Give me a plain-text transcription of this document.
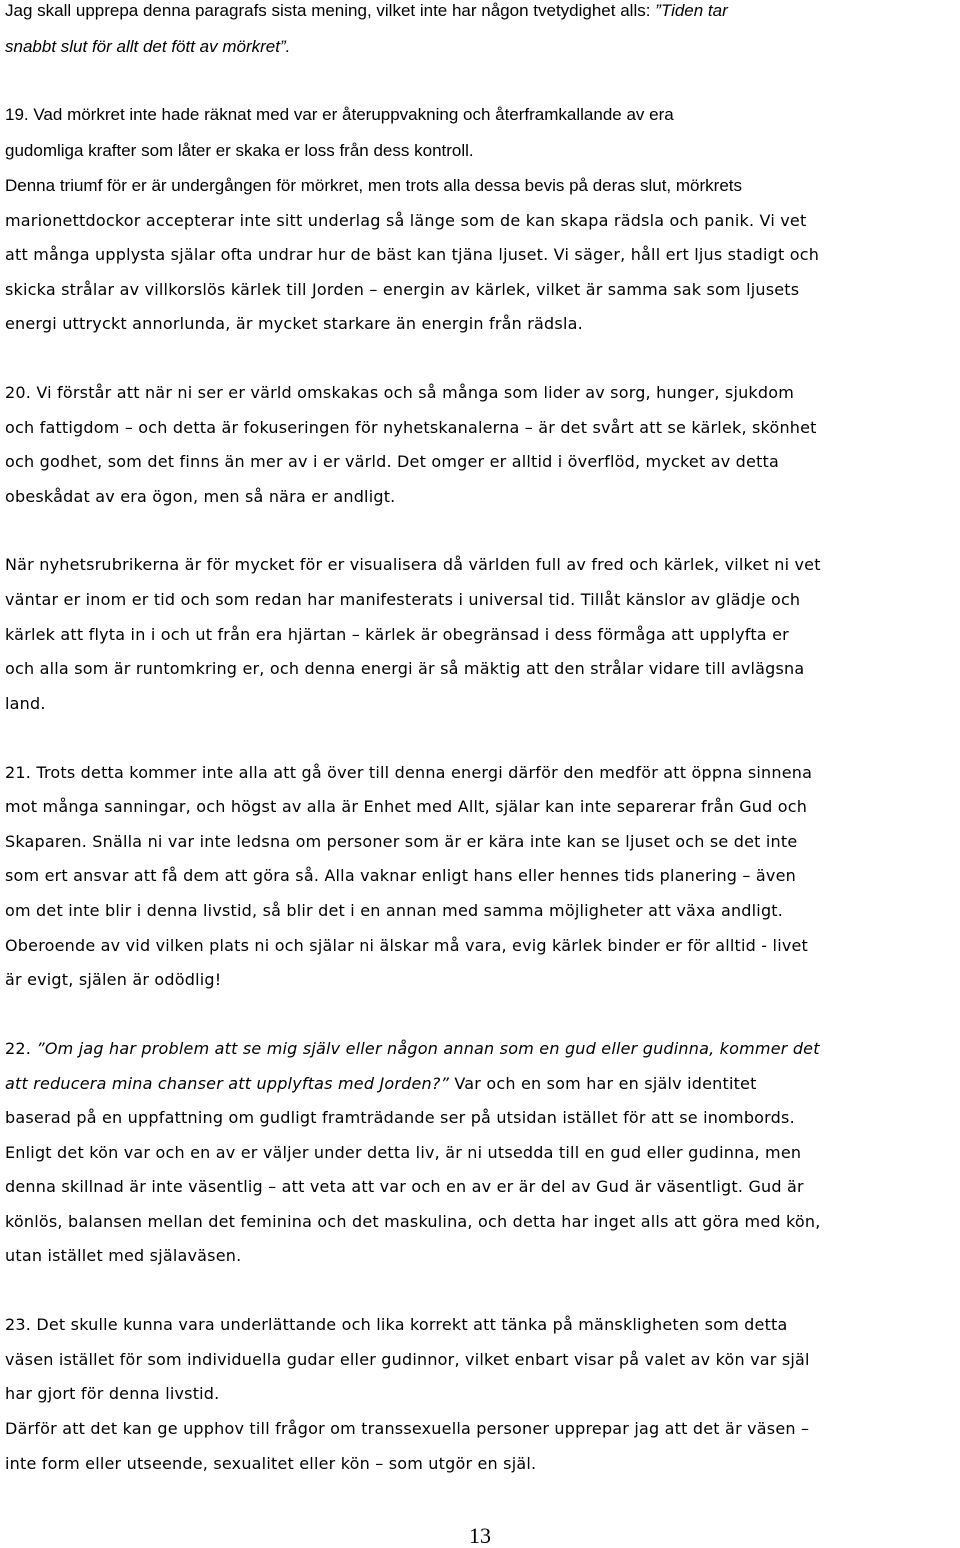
Jag skall upprepa denna paragrafs sista mening, vilket inte har någon tvetydighet alls: ”Tiden tar
snabbt slut för allt det fött av mörkret”.
19. Vad mörkret inte hade räknat med var er återuppvakning och återframkallande av era
gudomliga krafter som låter er skaka er loss från dess kontroll.
Denna triumf för er är undergången för mörkret, men trots alla dessa bevis på deras slut, mörkrets
marionettdockor accepterar inte sitt underlag så länge som de kan skapa rädsla och panik. Vi vet
att många upplysta själar ofta undrar hur de bäst kan tjäna ljuset. Vi säger, håll ert ljus stadigt och
skicka strålar av villkorslös kärlek till Jorden – energin av kärlek, vilket är samma sak som ljusets
energi uttryckt annorlunda, är mycket starkare än energin från rädsla.
20. Vi förstår att när ni ser er värld omskakas och så många som lider av sorg, hunger, sjukdom
och fattigdom – och detta är fokuseringen för nyhetskanalerna – är det svårt att se kärlek, skönhet
och godhet, som det finns än mer av i er värld. Det omger er alltid i överflöd, mycket av detta
obeskådat av era ögon, men så nära er andligt.
När nyhetsrubrikerna är för mycket för er visualisera då världen full av fred och kärlek, vilket ni vet
väntar er inom er tid och som redan har manifesterats i universal tid. Tillåt känslor av glädje och
kärlek att flyta in i och ut från era hjärtan – kärlek är obegränsad i dess förmåga att upplyfta er
och alla som är runtomkring er, och denna energi är så mäktig att den strålar vidare till avlägsna
land.
21. Trots detta kommer inte alla att gå över till denna energi därför den medför att öppna sinnena
mot många sanningar, och högst av alla är Enhet med Allt, själar kan inte separerar från Gud och
Skaparen. Snälla ni var inte ledsna om personer som är er kära inte kan se ljuset och se det inte
som ert ansvar att få dem att göra så. Alla vaknar enligt hans eller hennes tids planering – även
om det inte blir i denna livstid, så blir det i en annan med samma möjligheter att växa andligt.
Oberoende av vid vilken plats ni och själar ni älskar må vara, evig kärlek binder er för alltid - livet
är evigt, själen är odödlig!
22. ”Om jag har problem att se mig själv eller någon annan som en gud eller gudinna, kommer det
att reducera mina chanser att upplyftas med Jorden?” Var och en som har en själv identitet
baserad på en uppfattning om gudligt framträdande ser på utsidan istället för att se inombords.
Enligt det kön var och en av er väljer under detta liv, är ni utsedda till en gud eller gudinna, men
denna skillnad är inte väsentlig – att veta att var och en av er är del av Gud är väsentligt. Gud är
könlös, balansen mellan det feminina och det maskulina, och detta har inget alls att göra med kön,
utan istället med själaväsen.
23. Det skulle kunna vara underlättande och lika korrekt att tänka på mänskligheten som detta
väsen istället för som individuella gudar eller gudinnor, vilket enbart visar på valet av kön var själ
har gjort för denna livstid.
Därför att det kan ge upphov till frågor om transsexuella personer upprepar jag att det är väsen –
inte form eller utseende, sexualitet eller kön – som utgör en själ.
13
